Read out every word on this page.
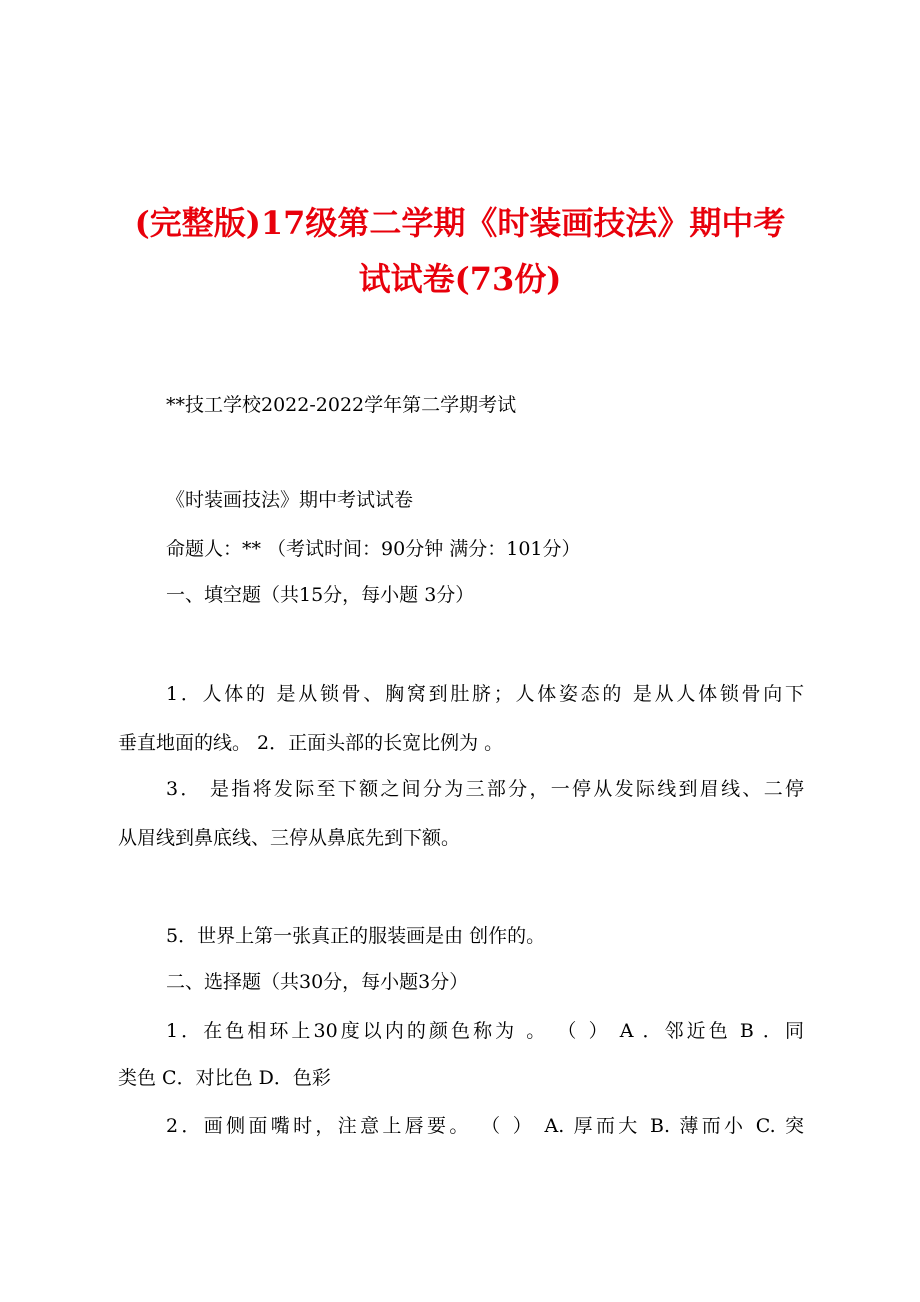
(完整版)17级第二学期《时装画技法》期中考
试试卷(73份)

**技工学校2022-2022学年第二学期考试

《时装画技法》期中考试试卷

命题人：** （考试时间：90分钟 满分：101分）

一、填空题（共15分，每小题 3分）

1．人体的 是从锁骨、胸窝到肚脐；人体姿态的 是从人体锁骨向下

垂直地面的线。 2．正面头部的长宽比例为 。

3． 是指将发际至下额之间分为三部分，一停从发际线到眉线、二停

从眉线到鼻底线、三停从鼻底先到下额。

5．世界上第一张真正的服装画是由 创作的。

二、选择题（共30分，每小题3分）

1．在色相环上30度以内的颜色称为 。 （ ） A ．邻近色 B ．同

类色 C．对比色 D．色彩

2．画侧面嘴时，注意上唇要。 （ ） A. 厚而大 B. 薄而小 C. 突
